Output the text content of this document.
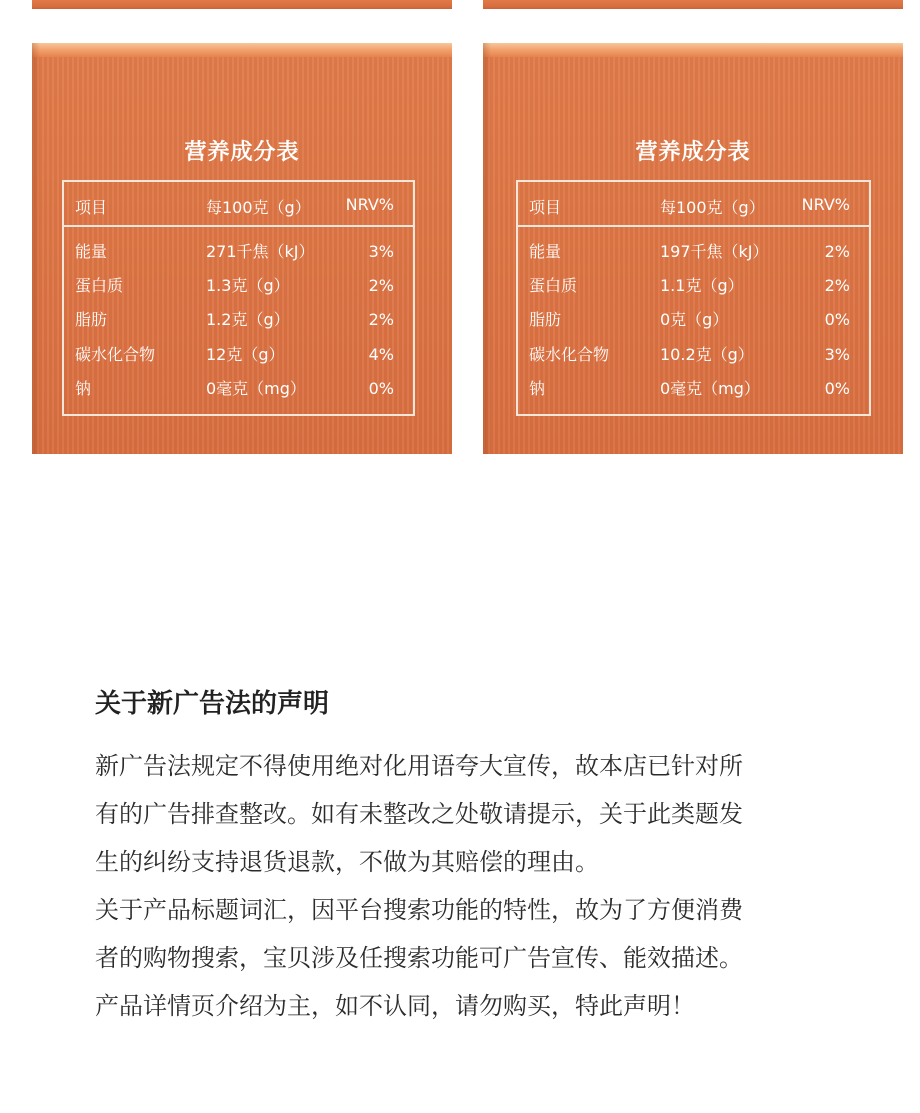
营养成分表
项目	每100克（g） NRV%
能量	271千焦（kJ）	3%
蛋白质	1.3克（g）	2%
脂肪	1.2克（g）	2%
碳水化合物	12克（g）	4%
钠	0毫克（mg）	0%
营养成分表
项目	每100克（g） NRV%
能量	197千焦（kJ）	2%
蛋白质	1.1克（g）	2%
脂肪	0克（g）	0%
碳水化合物	10.2克（g）	3%
钠	0毫克（mg）	0%
关于新广告法的声明
新广告法规定不得使用绝对化用语夸大宣传，故本店已针对所
有的广告排查整改。如有未整改之处敬请提示，关于此类题发
生的纠纷支持退货退款，不做为其赔偿的理由。
关于产品标题词汇，因平台搜索功能的特性，故为了方便消费
者的购物搜索，宝贝涉及任搜索功能可广告宣传、能效描述。
产品详情页介绍为主，如不认同，请勿购买，特此声明！
